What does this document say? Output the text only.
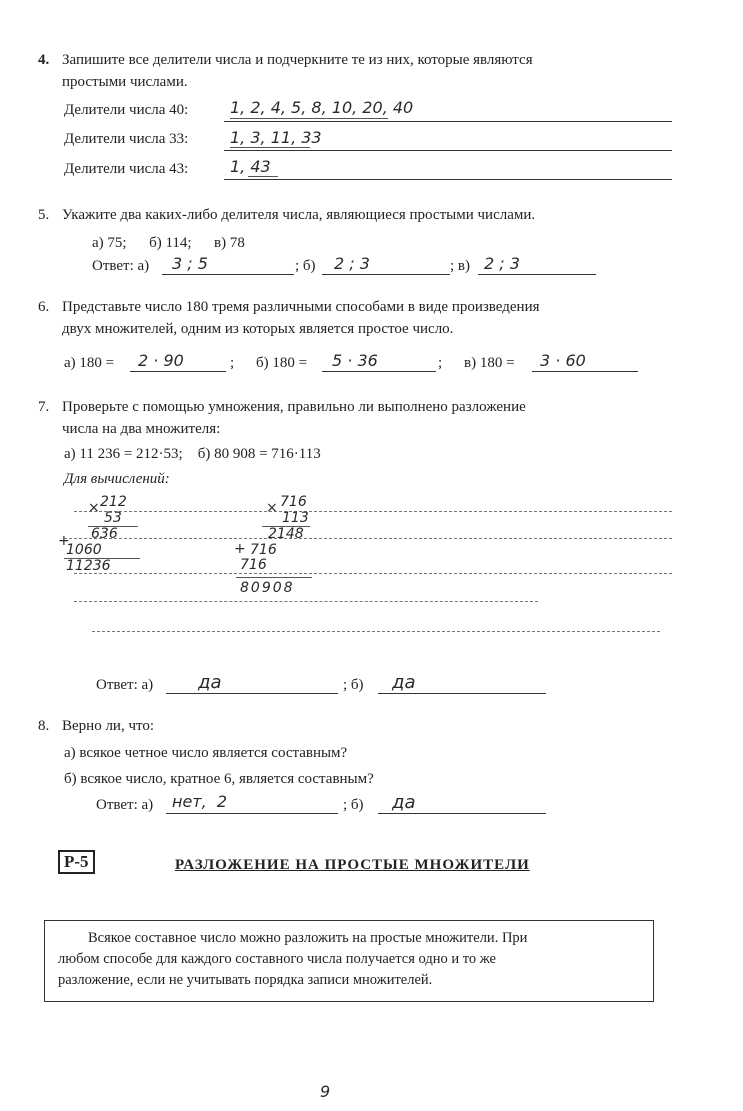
4. Запишите все делители числа и подчеркните те из них, которые являются
простыми числами.
Делители числа 40:	1, 2, 4, 5, 8, 10, 20, 40
Делители числа 33:	1, 3, 11, 33
Делители числа 43:	1, 43
5. Укажите два каких-либо делителя числа, являющиеся простыми числами.
а) 75;      б) 114;      в) 78
Ответ: а) 3 ; 5	; б) 2 ; 3	; в) 2 ; 3
6. Представьте число 180 тремя различными способами в виде произведения
двух множителей, одним из которых является простое число.
а) 180 = 2 · 90	; б) 180 = 5 · 36	; в) 180 = 3 · 60
7. Проверьте с помощью умножения, правильно ли выполнено разложение
числа на два множителя:
а) 11 236 = 212·53;    б) 80 908 = 716·113
Для вычислений:
212
53
636
1060
11236
×
+
716
113
2148
716
716
80908
×
+
Ответ: а) да	; б) да
8. Верно ли, что:
а) всякое четное число является составным?
б) всякое число, кратное 6, является составным?
Ответ: а) нет,  2	; б) да
Р-5	РАЗЛОЖЕНИЕ НА ПРОСТЫЕ МНОЖИТЕЛИ
Всякое составное число можно разложить на простые множители. При
любом способе для каждого составного числа получается одно и то же
разложение, если не учитывать порядка записи множителей.
9
